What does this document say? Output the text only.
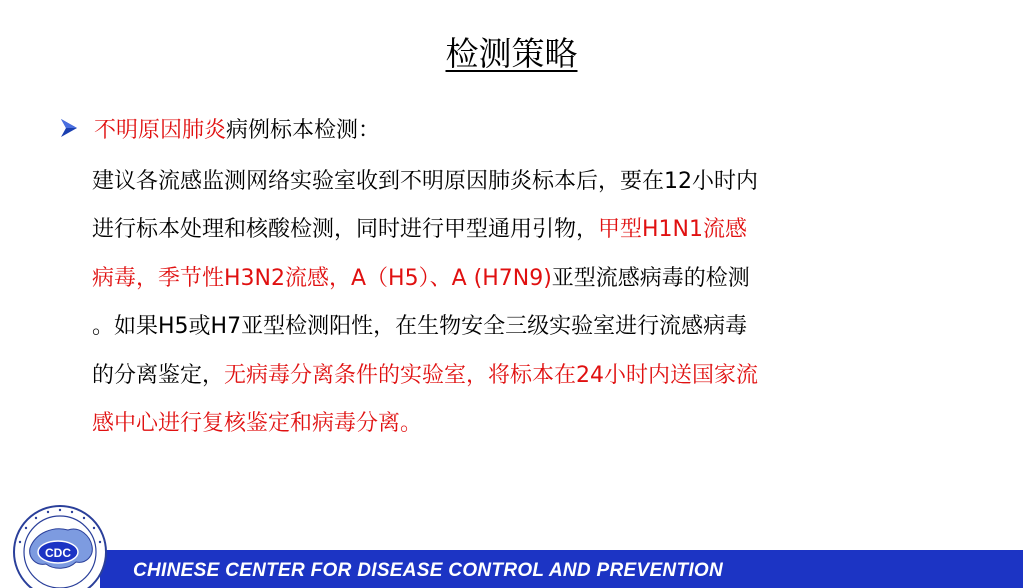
检测策略
不明原因肺炎 病例标本检测：
建议各流感监测网络实验室收到不明原因肺炎标本后，要在12小时内
进行标本处理和核酸检测，同时进行甲型通用引物，甲型H1N1流感
病毒，季节性H3N2流感，A（H5）、A (H7N9)亚型流感病毒的检测
。如果H5或H7亚型检测阳性，在生物安全三级实验室进行流感病毒
的分离鉴定，无病毒分离条件的实验室，将标本在24小时内送国家流
感中心进行复核鉴定和病毒分离。
CHINESE CENTER FOR DISEASE CONTROL AND PREVENTION
CDC
